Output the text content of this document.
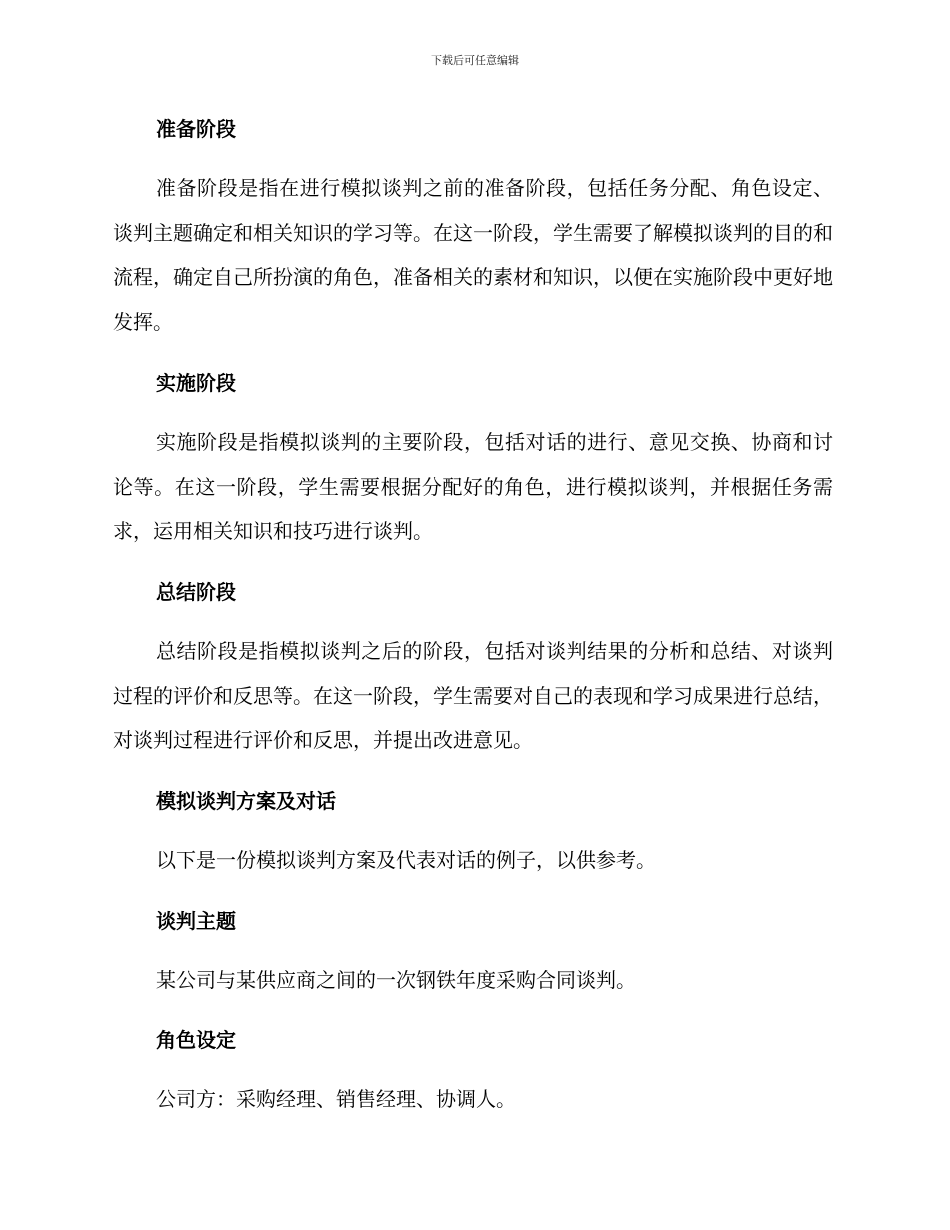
下载后可任意编辑
准备阶段

准备阶段是指在进行模拟谈判之前的准备阶段，包括任务分配、角色设定、谈判主题确定和相关知识的学习等。在这一阶段，学生需要了解模拟谈判的目的和流程，确定自己所扮演的角色，准备相关的素材和知识，以便在实施阶段中更好地发挥。

实施阶段

实施阶段是指模拟谈判的主要阶段，包括对话的进行、意见交换、协商和讨论等。在这一阶段，学生需要根据分配好的角色，进行模拟谈判，并根据任务需求，运用相关知识和技巧进行谈判。

总结阶段

总结阶段是指模拟谈判之后的阶段，包括对谈判结果的分析和总结、对谈判过程的评价和反思等。在这一阶段，学生需要对自己的表现和学习成果进行总结，对谈判过程进行评价和反思，并提出改进意见。

模拟谈判方案及对话

以下是一份模拟谈判方案及代表对话的例子，以供参考。

谈判主题

某公司与某供应商之间的一次钢铁年度采购合同谈判。

角色设定

公司方：采购经理、销售经理、协调人。
